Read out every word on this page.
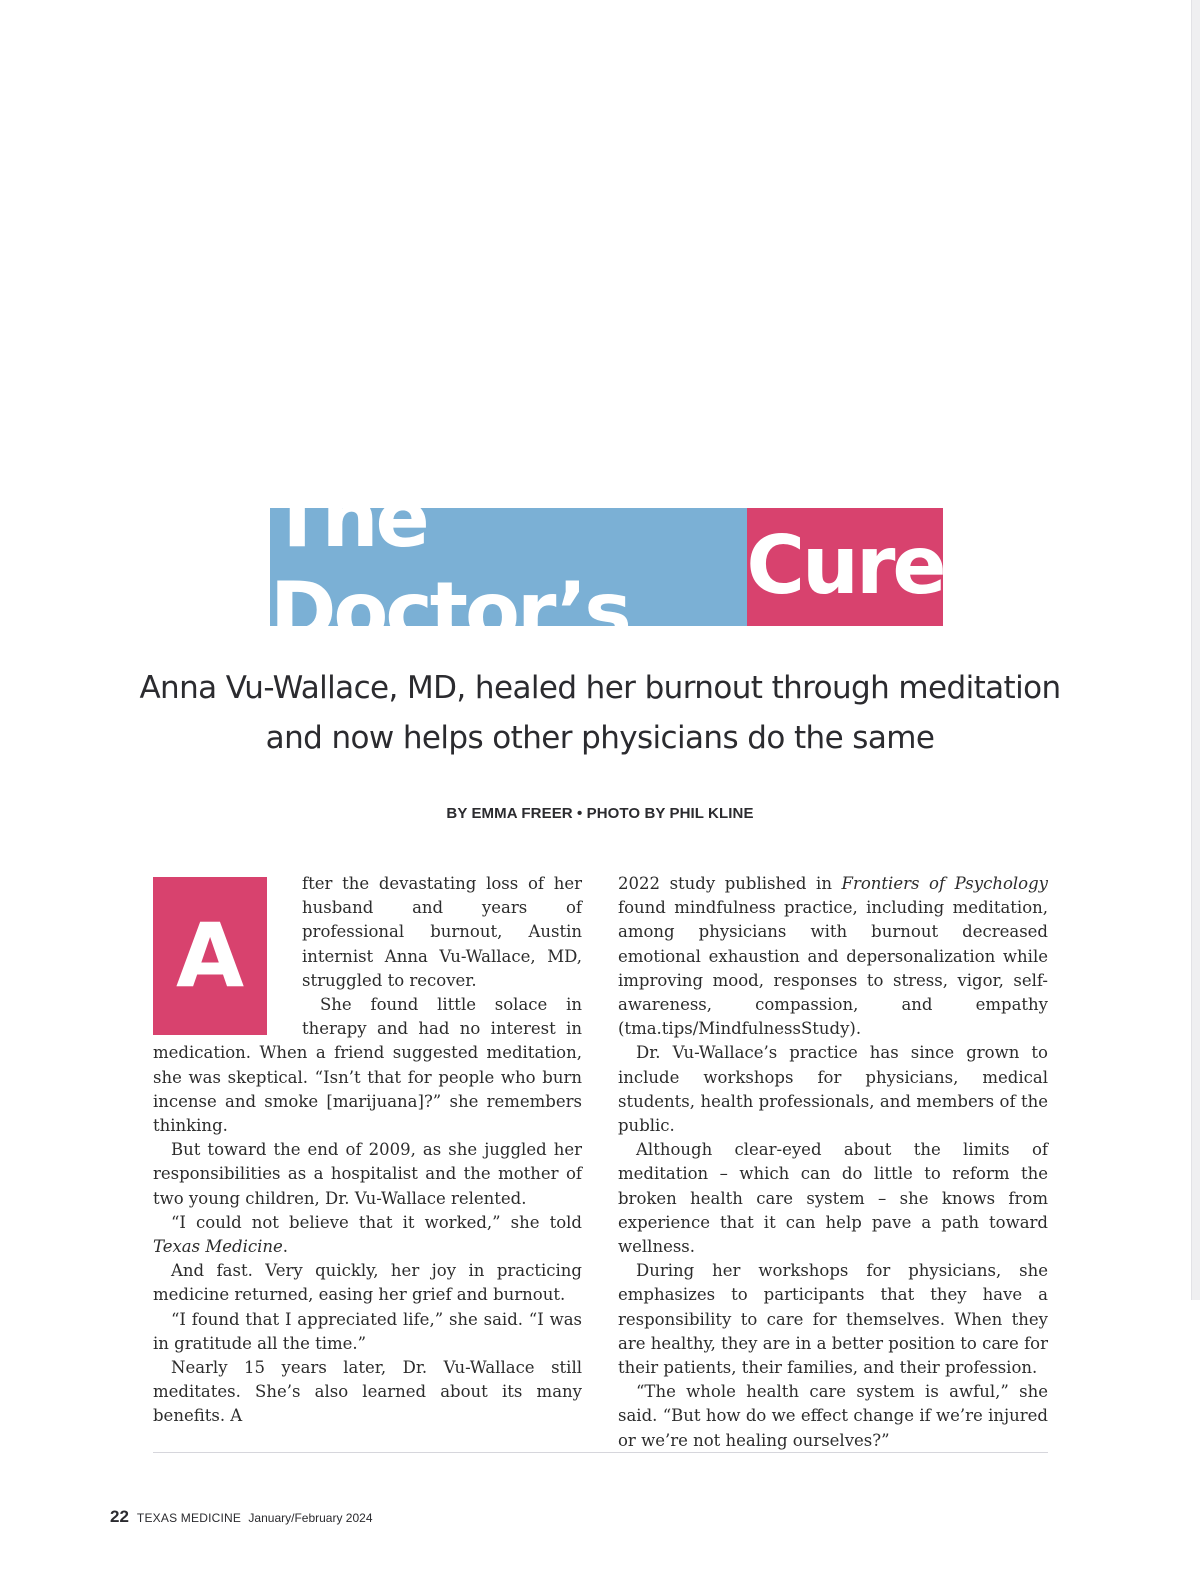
The Doctor’s	Cure
Anna Vu-Wallace, MD, healed her burnout through meditation
and now helps other physicians do the same
BY EMMA FREER • PHOTO BY PHIL KLINE
A

fter the devastating loss of her husband and years of professional burnout, Austin internist Anna Vu-Wallace, MD, struggled to recover.

She found little solace in therapy and had no interest in medication. When a friend suggested meditation, she was skeptical. “Isn’t that for people who burn incense and smoke [marijuana]?” she remembers thinking.

But toward the end of 2009, as she juggled her responsibilities as a hospitalist and the mother of two young children, Dr. Vu-Wallace relented.

“I could not believe that it worked,” she told Texas Medicine.

And fast. Very quickly, her joy in practicing medicine returned, easing her grief and burnout.

“I found that I appreciated life,” she said. “I was in gratitude all the time.”

Nearly 15 years later, Dr. Vu-Wallace still meditates. She’s also learned about its many benefits. A

2022 study published in Frontiers of Psychology found mindfulness practice, including meditation, among physicians with burnout decreased emotional exhaustion and depersonalization while improving mood, responses to stress, vigor, self-awareness, compassion, and empathy (tma.tips/MindfulnessStudy).

Dr. Vu-Wallace’s practice has since grown to include workshops for physicians, medical students, health professionals, and members of the public.

Although clear-eyed about the limits of meditation – which can do little to reform the broken health care system – she knows from experience that it can help pave a path toward wellness.

During her workshops for physicians, she emphasizes to participants that they have a responsibility to care for themselves. When they are healthy, they are in a better position to care for their patients, their families, and their profession.

“The whole health care system is awful,” she said. “But how do we effect change if we’re injured or we’re not healing ourselves?”

22 TEXAS MEDICINE January/February 2024
